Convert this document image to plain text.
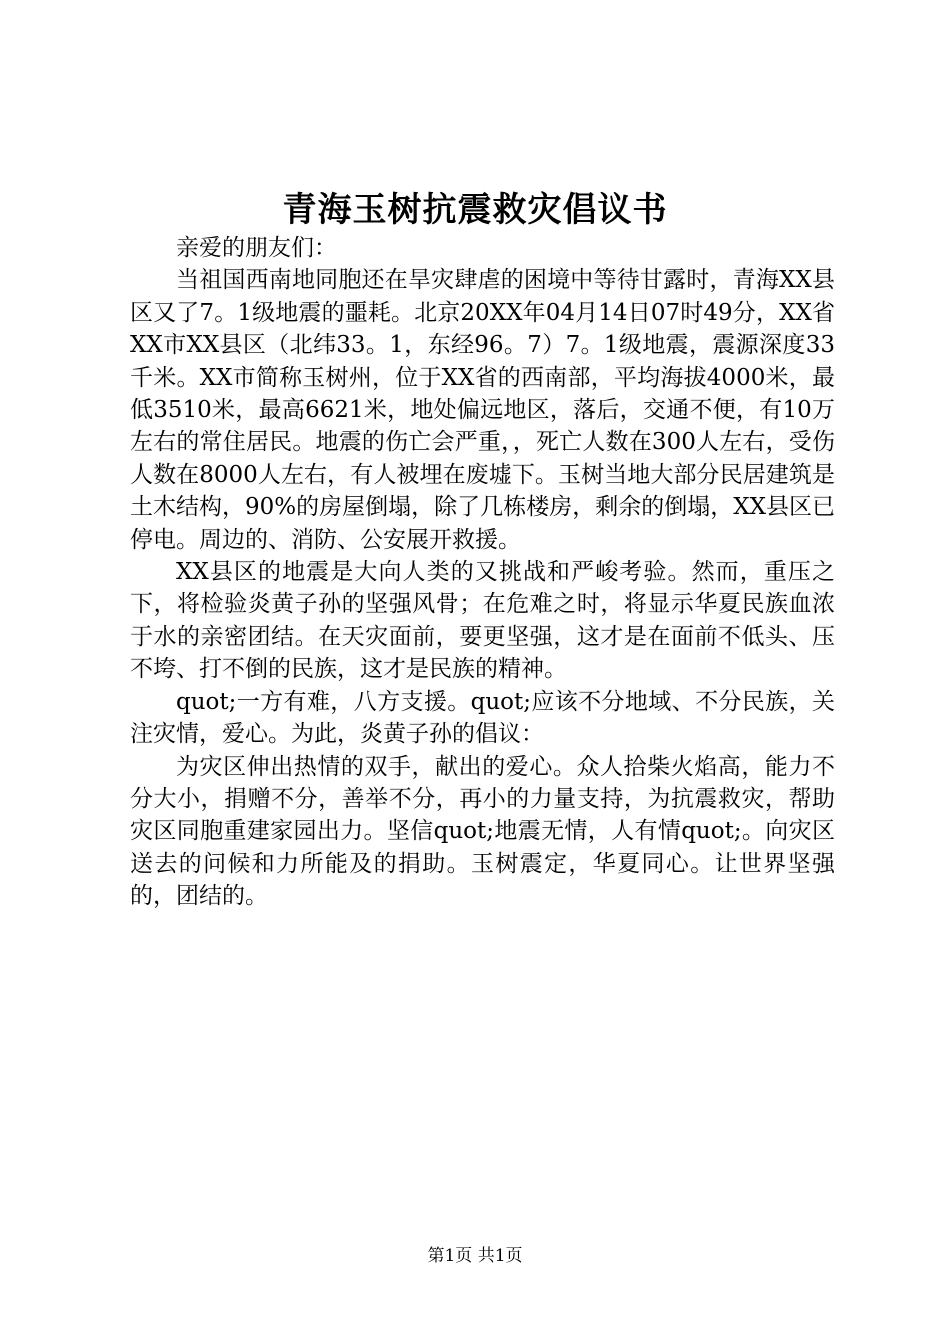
青海玉树抗震救灾倡议书

亲爱的朋友们：

当祖国西南地同胞还在旱灾肆虐的困境中等待甘露时，青海XX县区又了7。1级地震的噩耗。北京20XX年04月14日07时49分，XX省XX市XX县区（北纬33。1，东经96。7）7。1级地震，震源深度33千米。XX市简称玉树州，位于XX省的西南部，平均海拔4000米，最低3510米，最高6621米，地处偏远地区，落后，交通不便，有10万左右的常住居民。地震的伤亡会严重，，死亡人数在300人左右，受伤人数在8000人左右，有人被埋在废墟下。玉树当地大部分民居建筑是土木结构，90%的房屋倒塌，除了几栋楼房，剩余的倒塌，XX县区已停电。周边的、消防、公安展开救援。

XX县区的地震是大向人类的又挑战和严峻考验。然而，重压之下，将检验炎黄子孙的坚强风骨；在危难之时，将显示华夏民族血浓于水的亲密团结。在天灾面前，要更坚强，这才是在面前不低头、压不垮、打不倒的民族，这才是民族的精神。

quot;一方有难，八方支援。quot;应该不分地域、不分民族，关注灾情，爱心。为此，炎黄子孙的倡议：

为灾区伸出热情的双手，献出的爱心。众人拾柴火焰高，能力不分大小，捐赠不分，善举不分，再小的力量支持，为抗震救灾，帮助灾区同胞重建家园出力。坚信quot;地震无情，人有情quot;。向灾区送去的问候和力所能及的捐助。玉树震定，华夏同心。让世界坚强的，团结的。

第1页 共1页
